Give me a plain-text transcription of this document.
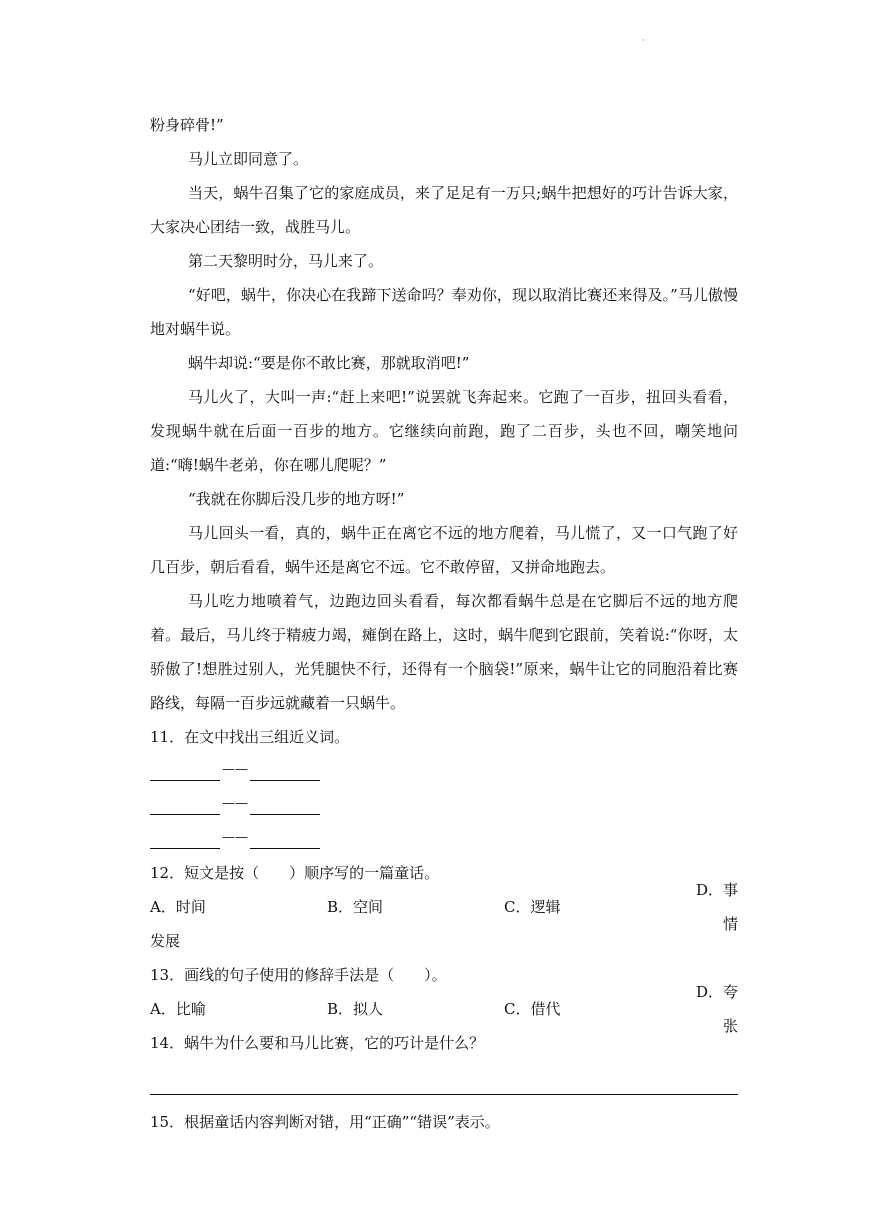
·

粉身碎骨!”

马儿立即同意了。

当天，蜗牛召集了它的家庭成员，来了足足有一万只;蜗牛把想好的巧计告诉大家，大家决心团结一致，战胜马儿。

第二天黎明时分，马儿来了。

“好吧，蜗牛，你决心在我蹄下送命吗？奉劝你，现以取消比赛还来得及。”马儿傲慢地对蜗牛说。

蜗牛却说:“要是你不敢比赛，那就取消吧!”

马儿火了，大叫一声:“赶上来吧!”说罢就飞奔起来。它跑了一百步，扭回头看看，发现蜗牛就在后面一百步的地方。它继续向前跑，跑了二百步，头也不回，嘲笑地问道:“嗨!蜗牛老弟，你在哪儿爬呢？”

“我就在你脚后没几步的地方呀!”

马儿回头一看，真的，蜗牛正在离它不远的地方爬着，马儿慌了，又一口气跑了好几百步，朝后看看，蜗牛还是离它不远。它不敢停留，又拼命地跑去。

马儿吃力地喷着气，边跑边回头看看，每次都看蜗牛总是在它脚后不远的地方爬着。最后，马儿终于精疲力竭，瘫倒在路上，这时，蜗牛爬到它跟前，笑着说:“你呀，太骄傲了!想胜过别人，光凭腿快不行，还得有一个脑袋!”原来，蜗牛让它的同胞沿着比赛路线，每隔一百步远就藏着一只蜗牛。

11．在文中找出三组近义词。

——
——
——

12．短文是按（　　）顺序写的一篇童话。

A．时间	B．空间	C．逻辑
D．事情

发展

13．画线的句子使用的修辞手法是（　　）。

A．比喻	B．拟人	C．借代
D．夸张

14．蜗牛为什么要和马儿比赛，它的巧计是什么？

15．根据童话内容判断对错，用“正确”“错误”表示。
